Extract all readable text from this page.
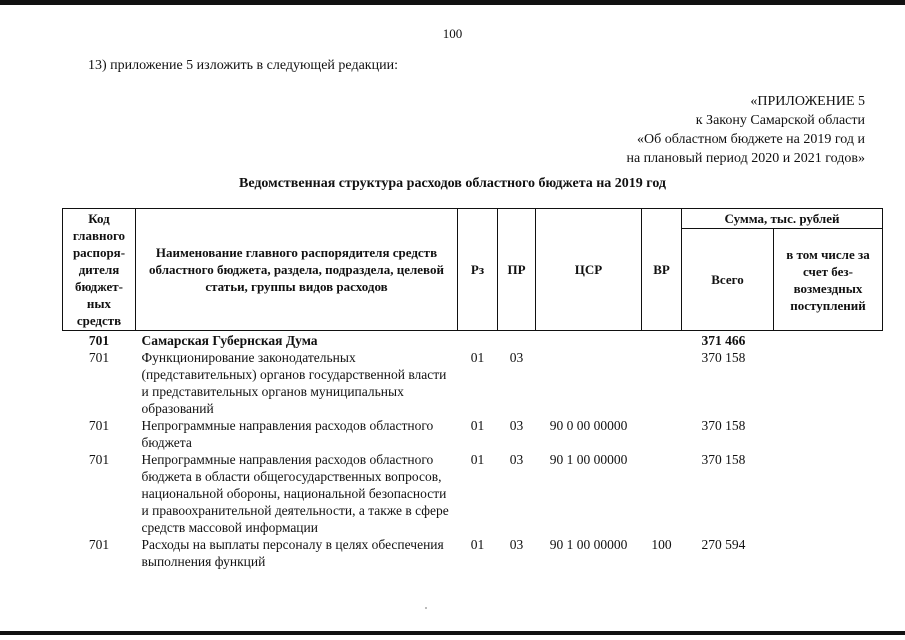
100
13) приложение 5 изложить в следующей редакции:
«ПРИЛОЖЕНИЕ 5
к Закону Самарской области
«Об областном бюджете на 2019 год и
на плановый период 2020 и 2021 годов»
Ведомственная структура расходов областного бюджета на 2019 год
Код главного распоря-дителя бюджет-ных средств	Наименование главного распорядителя средств областного бюджета, раздела, подраздела, целевой статьи, группы видов расходов	Рз	ПР	ЦСР	ВР	Сумма, тыс. рублей	
						Всего	в том числе за счет без-возмездных поступлений
701	Самарская Губернская Дума					371 466	
701	Функционирование законодательных (представительных) органов государственной власти и представительных органов муниципальных образований	01	03			370 158	
701	Непрограммные направления расходов областного бюджета	01	03	90 0 00 00000		370 158	
701	Непрограммные направления расходов областного бюджета в области общегосударственных вопросов, национальной обороны, национальной безопасности и правоохранительной деятельности, а также в сфере средств массовой информации	01	03	90 1 00 00000		370 158	
701	Расходы на выплаты персоналу в целях обеспечения выполнения функций	01	03	90 1 00 00000	100	270 594	
